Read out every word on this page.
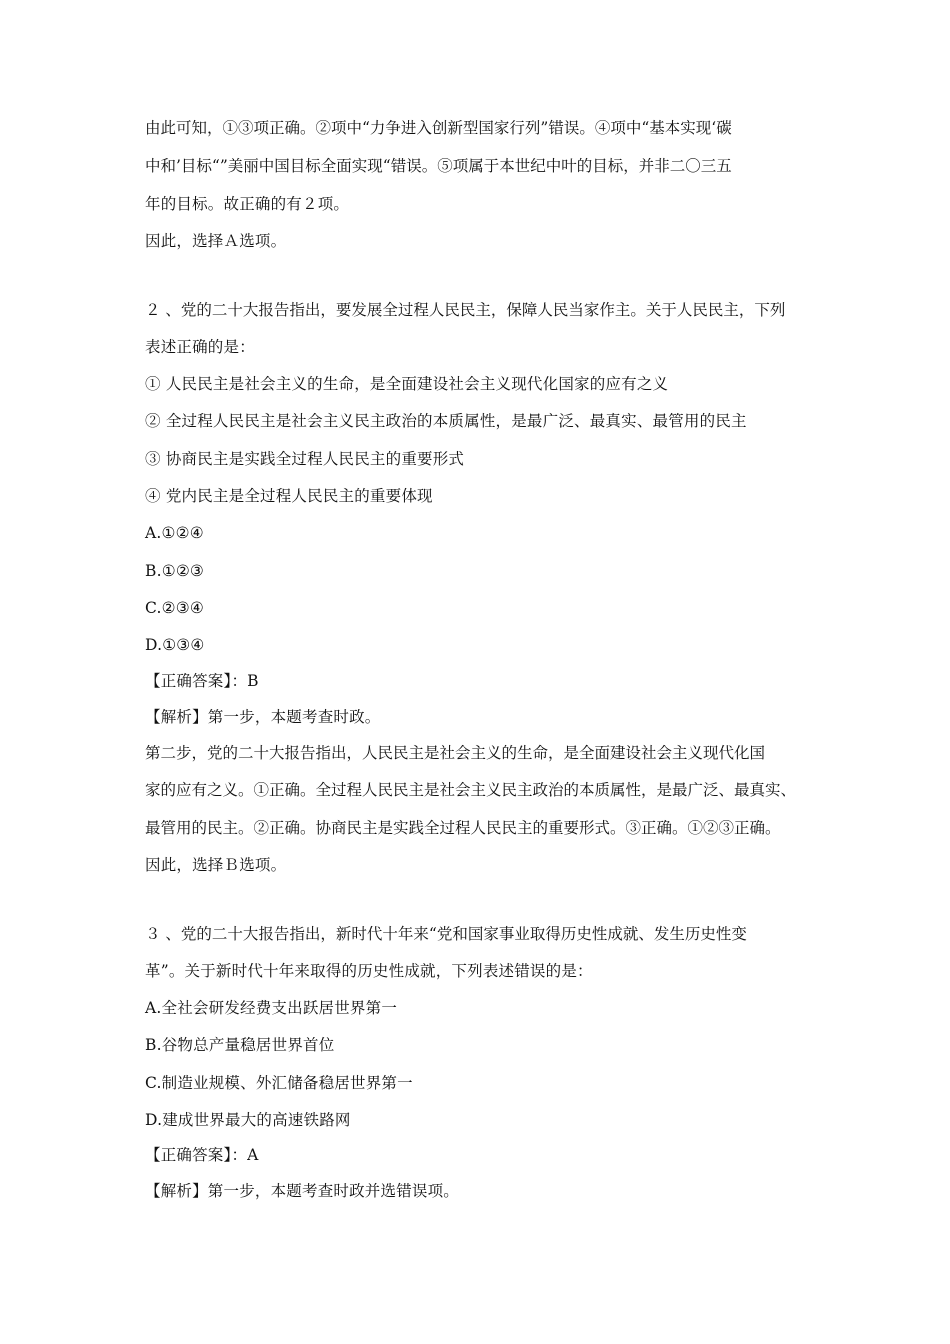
由此可知，①③项正确。②项中“力争进入创新型国家行列”错误。④项中“基本实现‘碳
中和’目标“”美丽中国目标全面实现“错误。⑤项属于本世纪中叶的目标，并非二〇三五
年的目标。故正确的有２项。
因此，选择Ａ选项。
２ 、党的二十大报告指出，要发展全过程人民民主，保障人民当家作主。关于人民民主，下列
表述正确的是：
① 人民民主是社会主义的生命，是全面建设社会主义现代化国家的应有之义
② 全过程人民民主是社会主义民主政治的本质属性，是最广泛、最真实、最管用的民主
③ 协商民主是实践全过程人民民主的重要形式
④ 党内民主是全过程人民民主的重要体现
A.①②④
B.①②③
C.②③④
D.①③④
【正确答案】：B
【解析】第一步，本题考查时政。
第二步，党的二十大报告指出，人民民主是社会主义的生命，是全面建设社会主义现代化国
家的应有之义。①正确。全过程人民民主是社会主义民主政治的本质属性，是最广泛、最真实、
最管用的民主。②正确。协商民主是实践全过程人民民主的重要形式。③正确。①②③正确。
因此，选择Ｂ选项。
３ 、党的二十大报告指出，新时代十年来“党和国家事业取得历史性成就、发生历史性变
革”。关于新时代十年来取得的历史性成就，下列表述错误的是：
A.全社会研发经费支出跃居世界第一
B.谷物总产量稳居世界首位
C.制造业规模、外汇储备稳居世界第一
D.建成世界最大的高速铁路网
【正确答案】：A
【解析】第一步，本题考查时政并选错误项。
